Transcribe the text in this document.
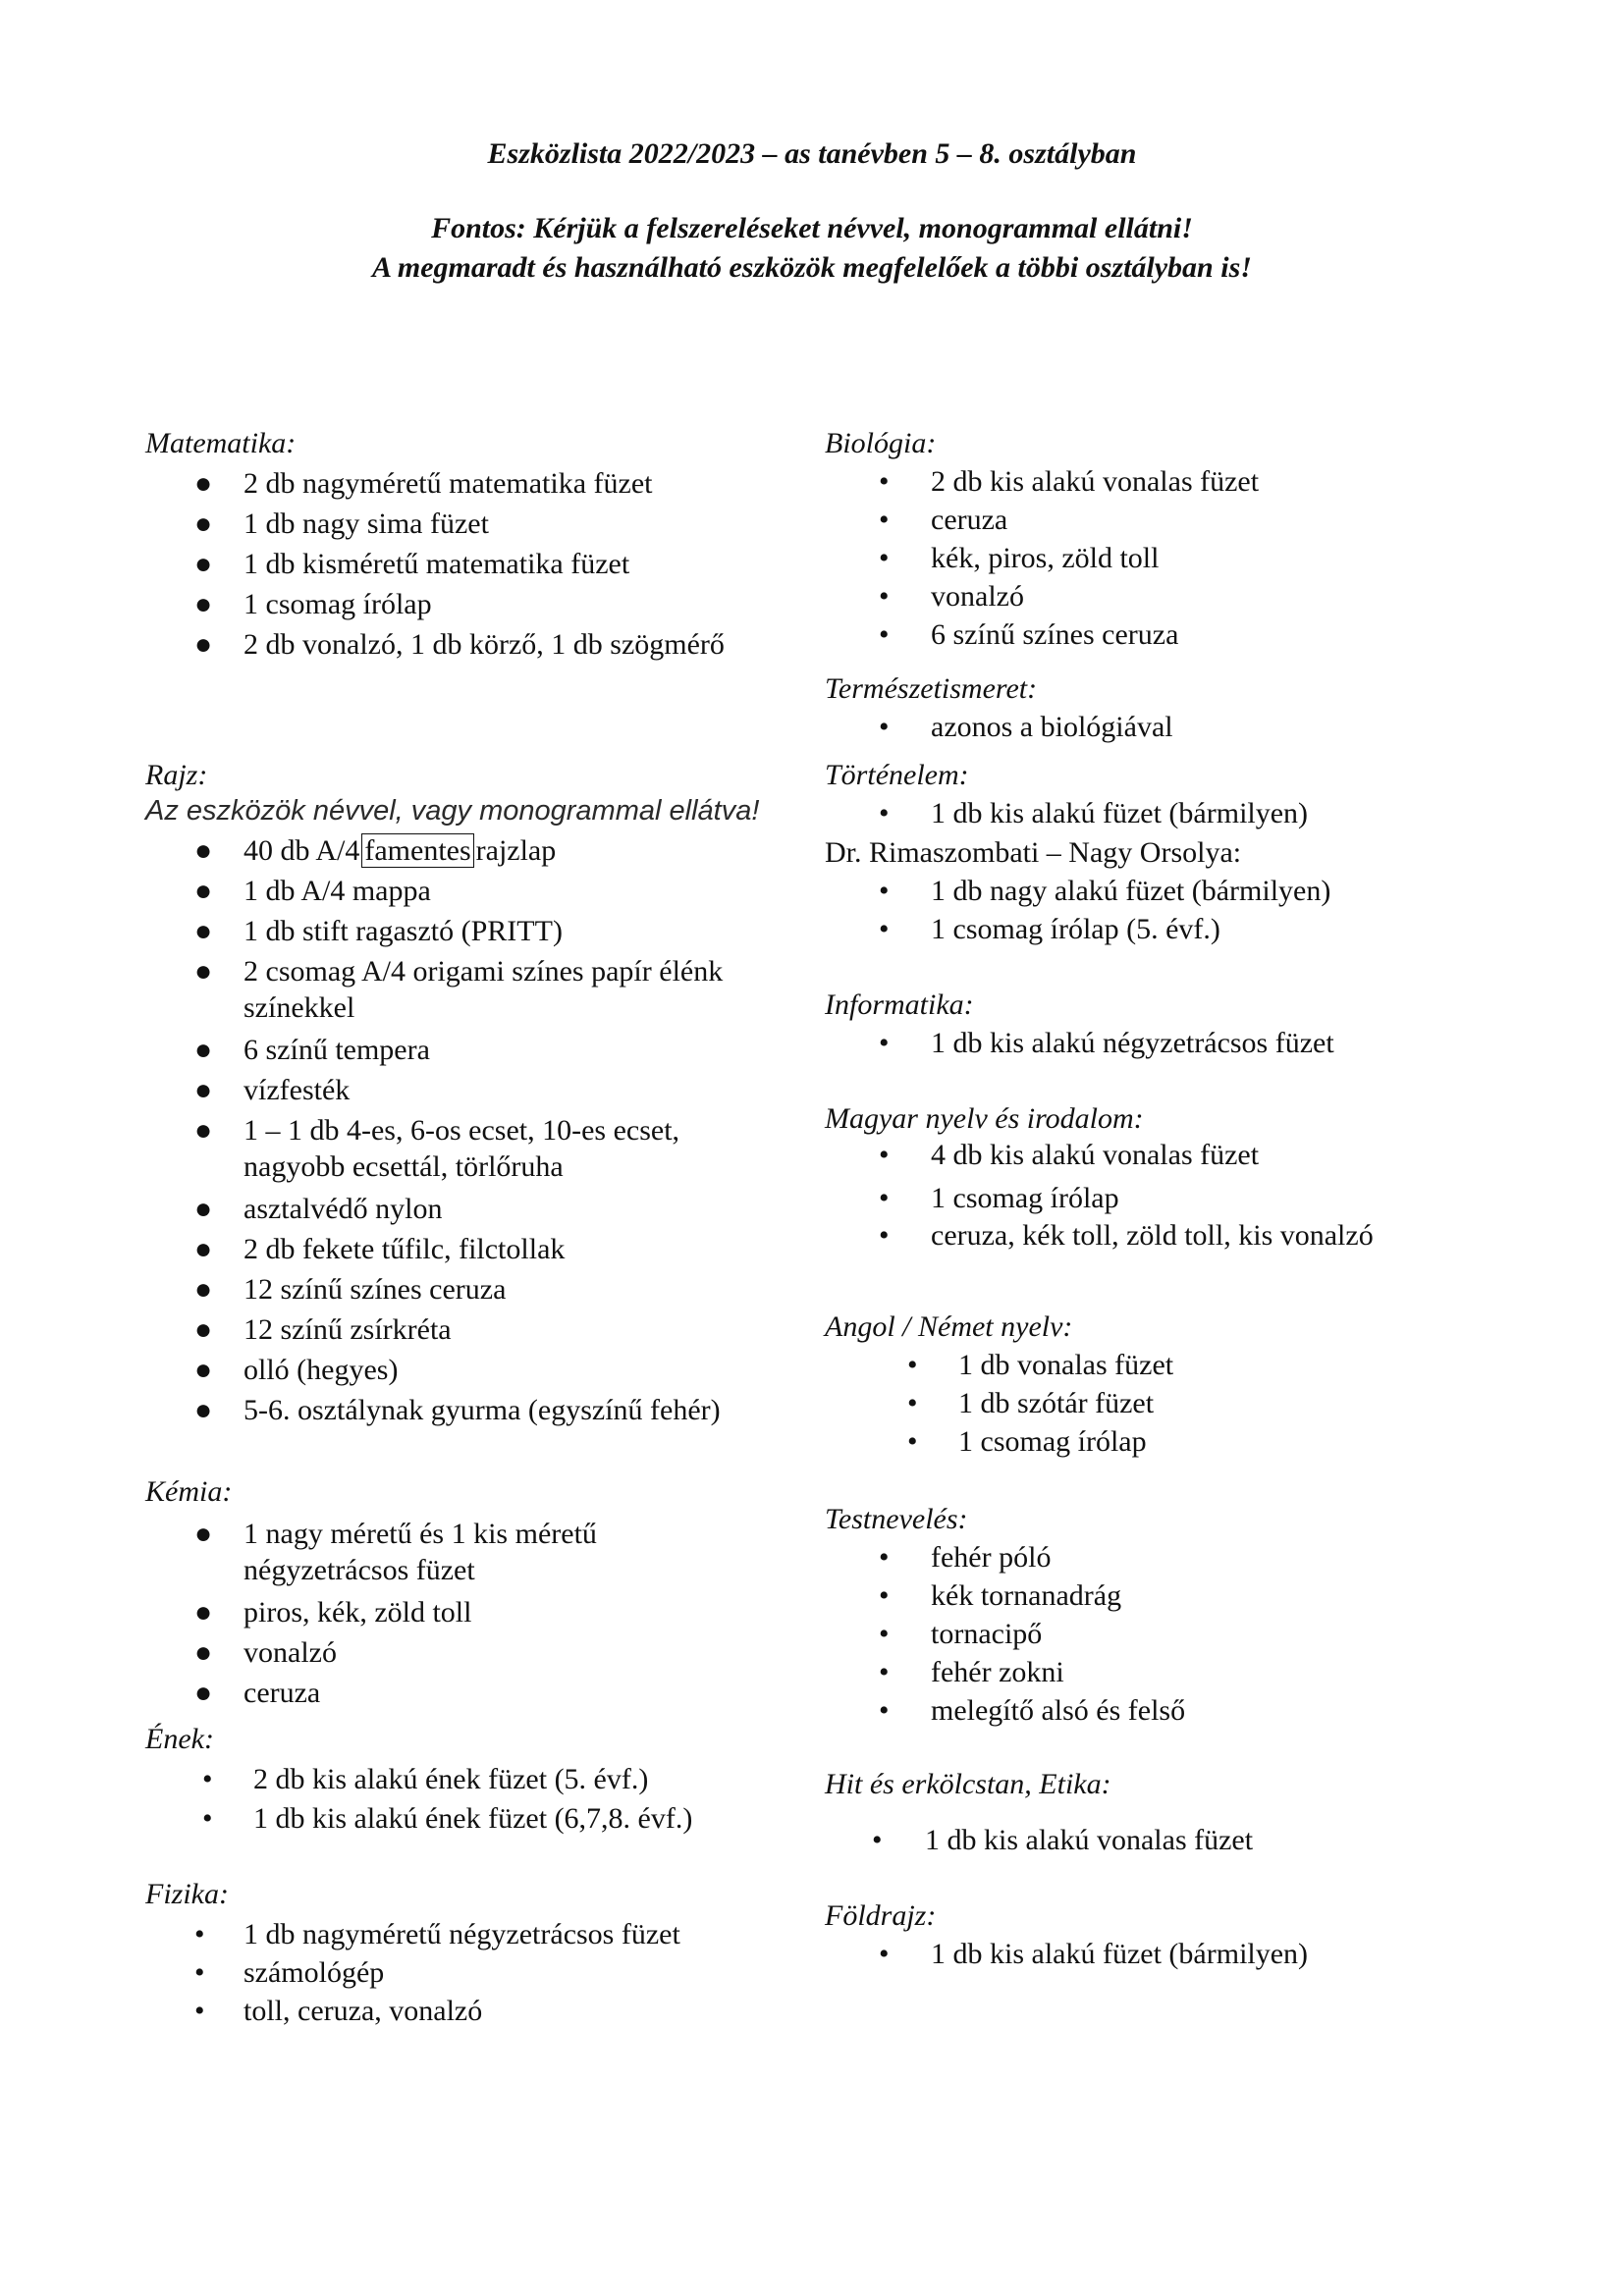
Eszközlista 2022/2023 – as tanévben 5 – 8. osztályban
Fontos: Kérjük a felszereléseket névvel, monogrammal ellátni!
A megmaradt és használható eszközök megfelelőek a többi osztályban is!
Matematika:
● 2 db nagyméretű matematika füzet
● 1 db nagy sima füzet
● 1 db kisméretű matematika füzet
● 1 csomag írólap
● 2 db vonalzó, 1 db körző, 1 db szögmérő
Rajz:
Az eszközök névvel, vagy monogrammal ellátva!
● 40 db A/4 famentes rajzlap
● 1 db A/4 mappa
● 1 db stift ragasztó (PRITT)
● 2 csomag A/4 origami színes papír élénk
színekkel
● 6 színű tempera
● vízfesték
● 1 – 1 db 4-es, 6-os ecset, 10-es ecset,
nagyobb ecsettál, törlőruha
● asztalvédő nylon
● 2 db fekete tűfilc, filctollak
● 12 színű színes ceruza
● 12 színű zsírkréta
● olló (hegyes)
● 5-6. osztálynak gyurma (egyszínű fehér)
Kémia:
● 1 nagy méretű és 1 kis méretű
négyzetrácsos füzet
● piros, kék, zöld toll
● vonalzó
● ceruza
Ének:
• 2 db kis alakú ének füzet (5. évf.)
• 1 db kis alakú ének füzet (6,7,8. évf.)
Fizika:
• 1 db nagyméretű négyzetrácsos füzet
• számológép
• toll, ceruza, vonalzó
Biológia:
• 2 db kis alakú vonalas füzet
• ceruza
• kék, piros, zöld toll
• vonalzó
• 6 színű színes ceruza
Természetismeret:
• azonos a biológiával
Történelem:
• 1 db kis alakú füzet (bármilyen)
Dr. Rimaszombati – Nagy Orsolya:
• 1 db nagy alakú füzet (bármilyen)
• 1 csomag írólap (5. évf.)
Informatika:
• 1 db kis alakú négyzetrácsos füzet
Magyar nyelv és irodalom:
• 4 db kis alakú vonalas füzet
• 1 csomag írólap
• ceruza, kék toll, zöld toll, kis vonalzó
Angol / Német nyelv:
• 1 db vonalas füzet
• 1 db szótár füzet
• 1 csomag írólap
Testnevelés:
• fehér póló
• kék tornanadrág
• tornacipő
• fehér zokni
• melegítő alsó és felső
Hit és erkölcstan, Etika:
• 1 db kis alakú vonalas füzet
Földrajz:
• 1 db kis alakú füzet (bármilyen)
